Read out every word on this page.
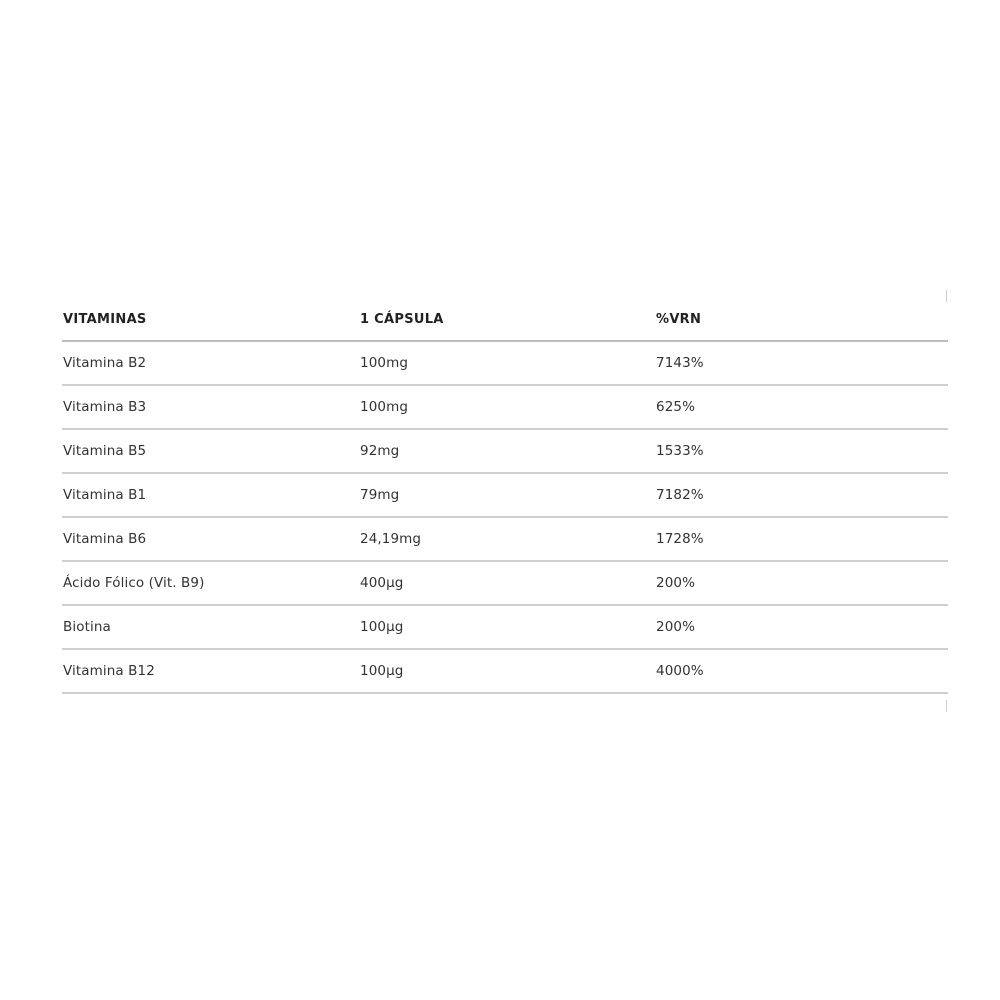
VITAMINAS	1 CÁPSULA	%VRN
Vitamina B2	100mg	7143%
Vitamina B3	100mg	625%
Vitamina B5	92mg	1533%
Vitamina B1	79mg	7182%
Vitamina B6	24,19mg	1728%
Ácido Fólico (Vit. B9)	400µg	200%
Biotina	100µg	200%
Vitamina B12	100µg	4000%
